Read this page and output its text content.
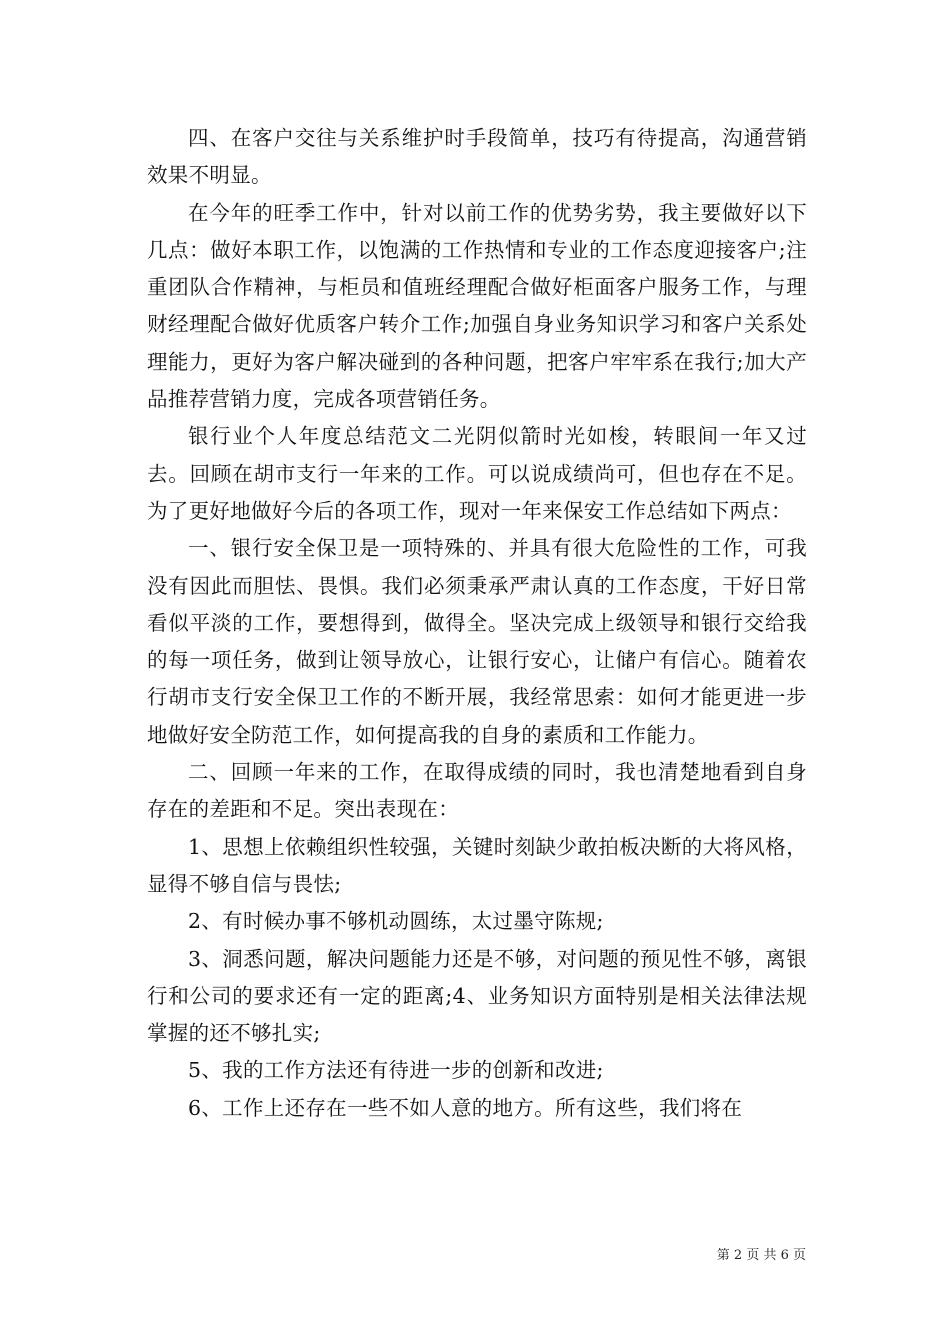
四、在客户交往与关系维护时手段简单，技巧有待提高，沟通营销效果不明显。

在今年的旺季工作中，针对以前工作的优势劣势，我主要做好以下几点：做好本职工作，以饱满的工作热情和专业的工作态度迎接客户;注重团队合作精神，与柜员和值班经理配合做好柜面客户服务工作，与理财经理配合做好优质客户转介工作;加强自身业务知识学习和客户关系处理能力，更好为客户解决碰到的各种问题，把客户牢牢系在我行;加大产品推荐营销力度，完成各项营销任务。

银行业个人年度总结范文二光阴似箭时光如梭，转眼间一年又过去。回顾在胡市支行一年来的工作。可以说成绩尚可，但也存在不足。为了更好地做好今后的各项工作，现对一年来保安工作总结如下两点：

一、银行安全保卫是一项特殊的、并具有很大危险性的工作，可我没有因此而胆怯、畏惧。我们必须秉承严肃认真的工作态度，干好日常看似平淡的工作，要想得到，做得全。坚决完成上级领导和银行交给我的每一项任务，做到让领导放心，让银行安心，让储户有信心。随着农行胡市支行安全保卫工作的不断开展，我经常思索：如何才能更进一步地做好安全防范工作，如何提高我的自身的素质和工作能力。

二、回顾一年来的工作，在取得成绩的同时，我也清楚地看到自身存在的差距和不足。突出表现在：

1、思想上依赖组织性较强，关键时刻缺少敢拍板决断的大将风格，显得不够自信与畏怯;

2、有时候办事不够机动圆练，太过墨守陈规;

3、洞悉问题，解决问题能力还是不够，对问题的预见性不够，离银行和公司的要求还有一定的距离;4、业务知识方面特别是相关法律法规掌握的还不够扎实;

5、我的工作方法还有待进一步的创新和改进;

6、工作上还存在一些不如人意的地方。所有这些，我们将在

第 2 页 共 6 页
